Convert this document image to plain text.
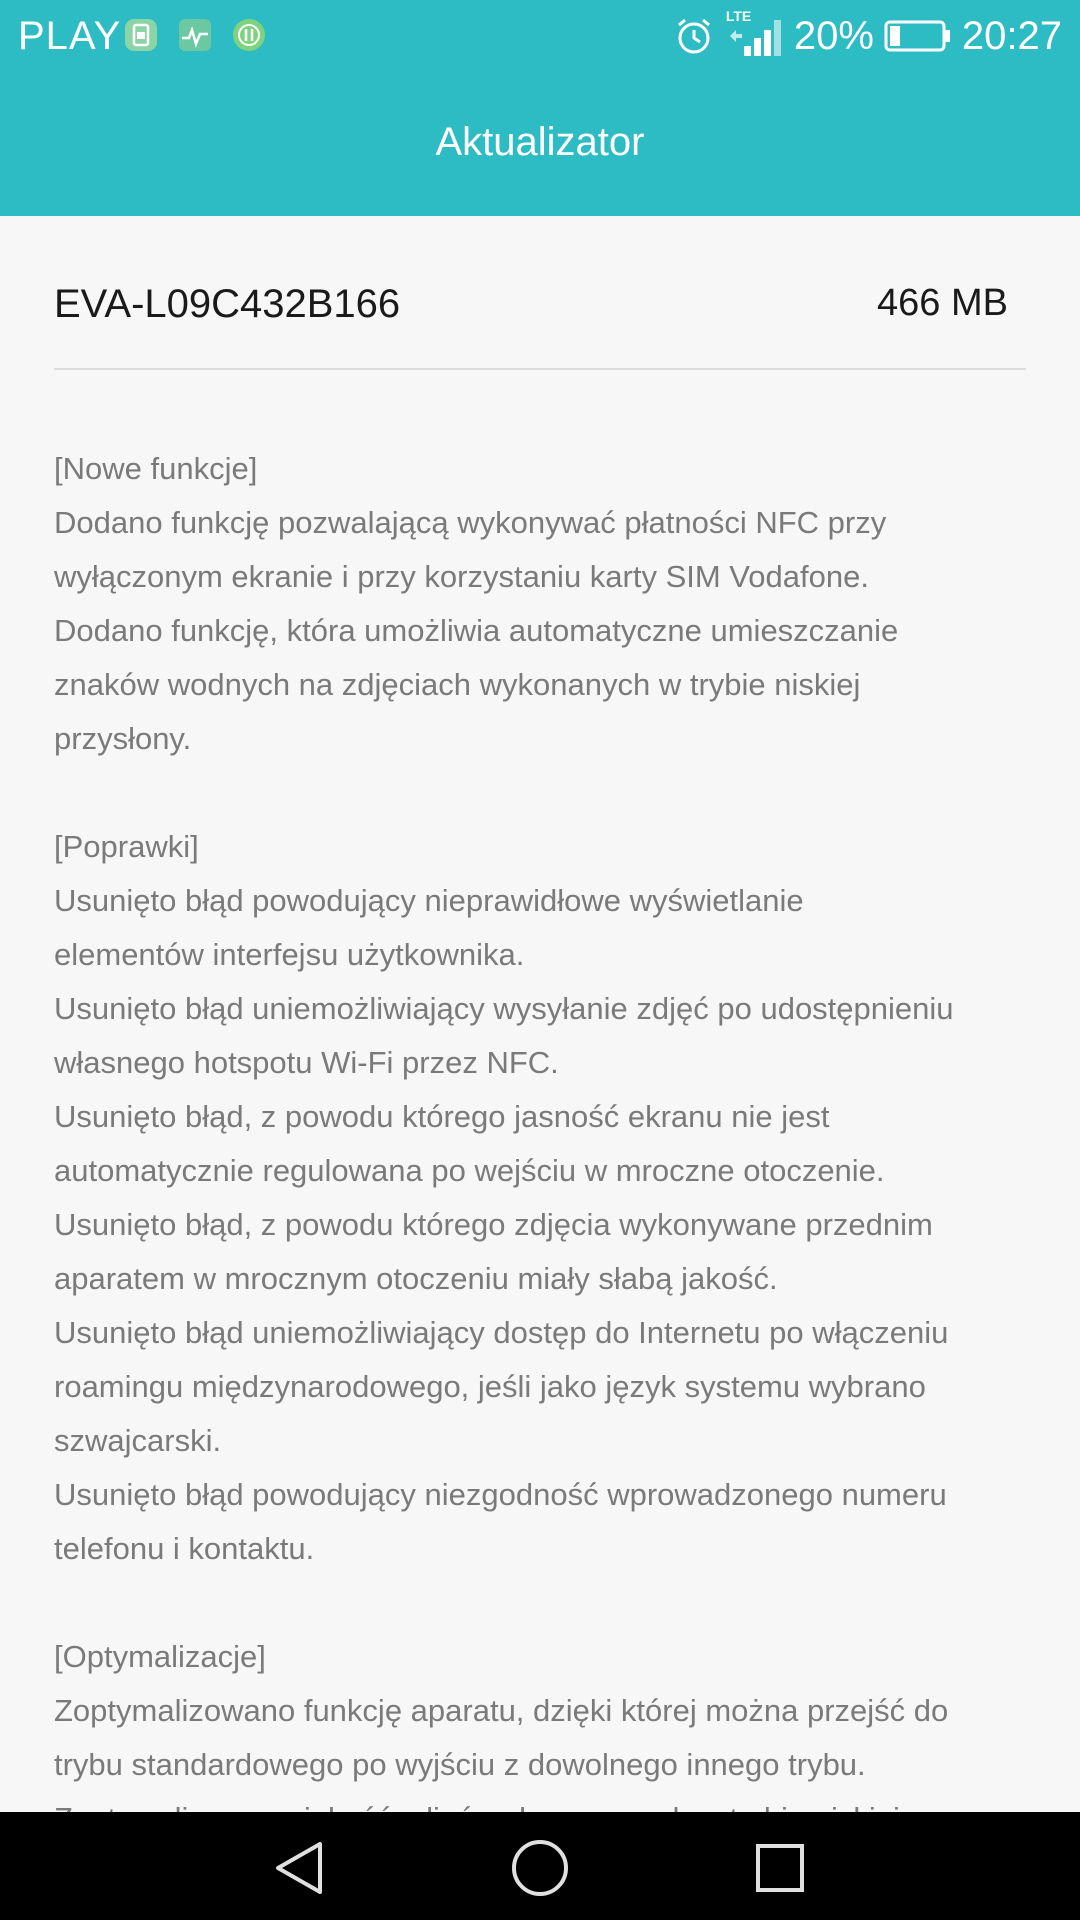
PLAY	LTE 20% 20:27
Aktualizator
EVA-L09C432B166	466 MB
[Nowe funkcje]
Dodano funkcję pozwalającą wykonywać płatności NFC przy
wyłączonym ekranie i przy korzystaniu karty SIM Vodafone.
Dodano funkcję, która umożliwia automatyczne umieszczanie
znaków wodnych na zdjęciach wykonanych w trybie niskiej
przysłony.
[Poprawki]
Usunięto błąd powodujący nieprawidłowe wyświetlanie
elementów interfejsu użytkownika.
Usunięto błąd uniemożliwiający wysyłanie zdjęć po udostępnieniu
własnego hotspotu Wi-Fi przez NFC.
Usunięto błąd, z powodu którego jasność ekranu nie jest
automatycznie regulowana po wejściu w mroczne otoczenie.
Usunięto błąd, z powodu którego zdjęcia wykonywane przednim
aparatem w mrocznym otoczeniu miały słabą jakość.
Usunięto błąd uniemożliwiający dostęp do Internetu po włączeniu
roamingu międzynarodowego, jeśli jako język systemu wybrano
szwajcarski.
Usunięto błąd powodujący niezgodność wprowadzonego numeru
telefonu i kontaktu.
[Optymalizacje]
Zoptymalizowano funkcję aparatu, dzięki której można przejść do
trybu standardowego po wyjściu z dowolnego innego trybu.
